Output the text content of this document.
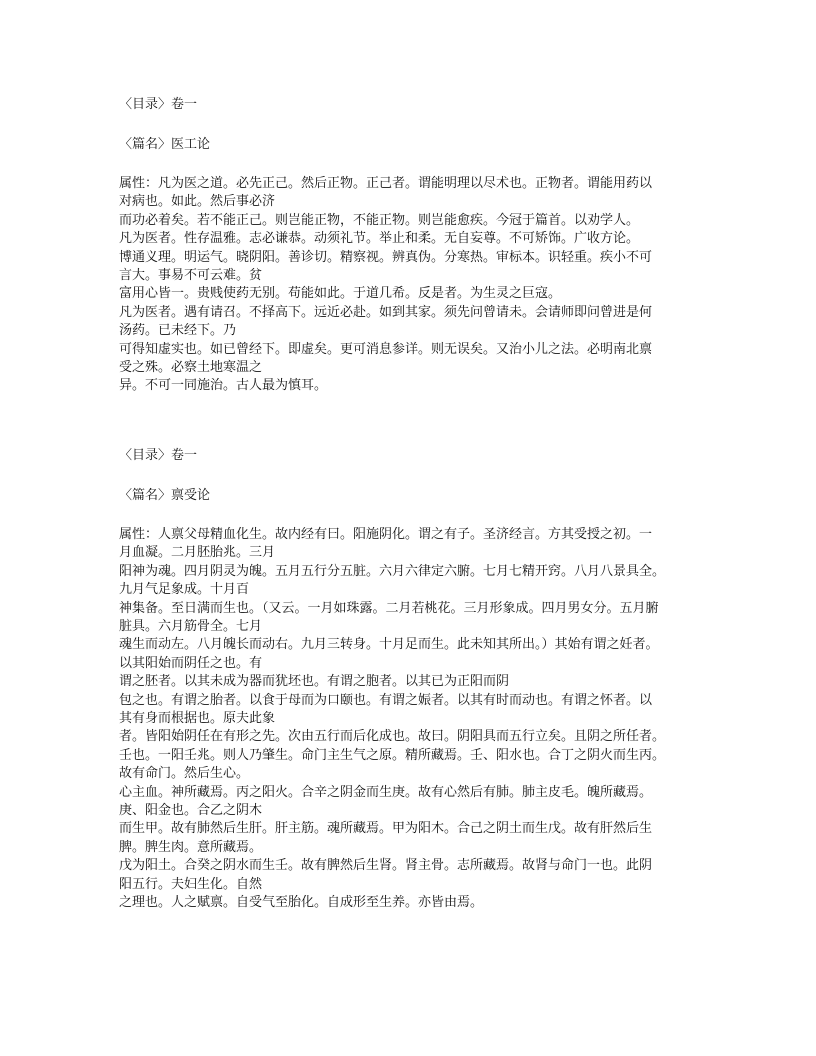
〈目录〉卷一

〈篇名〉医工论

属性：凡为医之道。必先正己。然后正物。正己者。谓能明理以尽术也。正物者。谓能用药以
对病也。如此。然后事必济
而功必着矣。若不能正己。则岂能正物，不能正物。则岂能愈疾。今冠于篇首。以劝学人。
凡为医者。性存温雅。志必谦恭。动须礼节。举止和柔。无自妄尊。不可矫饰。广收方论。
博通义理。明运气。晓阴阳。善诊切。精察视。辨真伪。分寒热。审标本。识轻重。疾小不可
言大。事易不可云难。贫
富用心皆一。贵贱使药无别。苟能如此。于道几希。反是者。为生灵之巨寇。
凡为医者。遇有请召。不择高下。远近必赴。如到其家。须先问曾请未。会请师即问曾进是何
汤药。已未经下。乃
可得知虚实也。如已曾经下。即虚矣。更可消息参详。则无误矣。又治小儿之法。必明南北禀
受之殊。必察土地寒温之
异。不可一同施治。古人最为慎耳。

〈目录〉卷一

〈篇名〉禀受论

属性：人禀父母精血化生。故内经有曰。阳施阴化。谓之有子。圣济经言。方其受授之初。一
月血凝。二月胚胎兆。三月
阳神为魂。四月阴灵为魄。五月五行分五脏。六月六律定六腑。七月七精开窍。八月八景具全。
九月气足象成。十月百
神集备。至日满而生也。（又云。一月如珠露。二月若桃花。三月形象成。四月男女分。五月腑
脏具。六月筋骨全。七月
魂生而动左。八月魄长而动右。九月三转身。十月足而生。此未知其所出。）其始有谓之妊者。
以其阳始而阴任之也。有
谓之胚者。以其未成为器而犹坯也。有谓之胞者。以其已为正阳而阴
包之也。有谓之胎者。以食于母而为口颐也。有谓之娠者。以其有时而动也。有谓之怀者。以
其有身而根据也。原夫此象
者。皆阳始阴任在有形之先。次由五行而后化成也。故曰。阴阳具而五行立矣。且阴之所任者。
壬也。一阳壬兆。则人乃肇生。命门主生气之原。精所藏焉。壬、阳水也。合丁之阴火而生丙。
故有命门。然后生心。
心主血。神所藏焉。丙之阳火。合辛之阴金而生庚。故有心然后有肺。肺主皮毛。魄所藏焉。
庚、阳金也。合乙之阴木
而生甲。故有肺然后生肝。肝主筋。魂所藏焉。甲为阳木。合己之阴土而生戊。故有肝然后生
脾。脾生肉。意所藏焉。
戊为阳土。合癸之阴水而生壬。故有脾然后生肾。肾主骨。志所藏焉。故肾与命门一也。此阴
阳五行。夫妇生化。自然
之理也。人之赋禀。自受气至胎化。自成形至生养。亦皆由焉。
